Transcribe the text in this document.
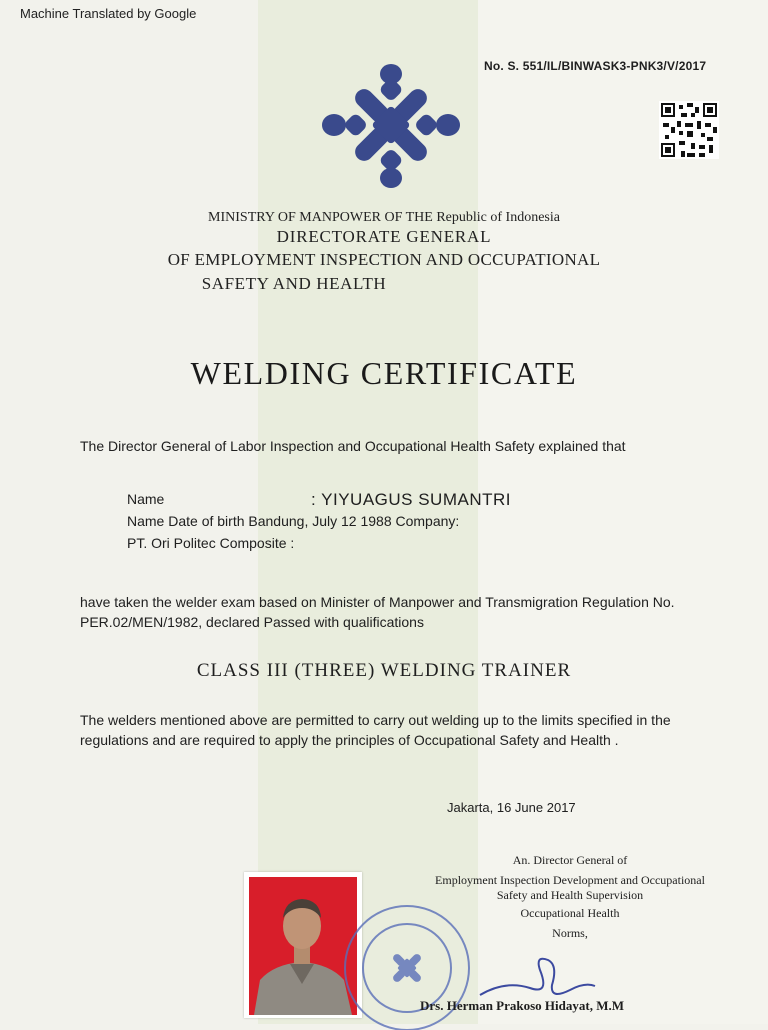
Machine Translated by Google
No. S. 551/IL/BINWASK3-PNK3/V/2017
MINISTRY OF MANPOWER OF THE Republic of Indonesia
DIRECTORATE GENERAL
OF EMPLOYMENT INSPECTION AND OCCUPATIONAL
SAFETY AND HEALTH
WELDING CERTIFICATE
The Director General of Labor Inspection and Occupational Health Safety explained that
Name	: YIYUAGUS SUMANTRI
Name Date of birth Bandung, July 12 1988 Company:
PT. Ori Politec Composite :
have taken the welder exam based on Minister of Manpower and Transmigration Regulation No. PER.02/MEN/1982, declared Passed with qualifications
CLASS III (THREE) WELDING TRAINER
The welders mentioned above are permitted to carry out welding up to the limits specified in the regulations and are required to apply the principles of Occupational Safety and Health .
Jakarta, 16 June 2017
An. Director General of
Employment Inspection Development and Occupational
Safety and Health Supervision
Occupational Health
Norms,
Drs. Herman Prakoso Hidayat, M.M
